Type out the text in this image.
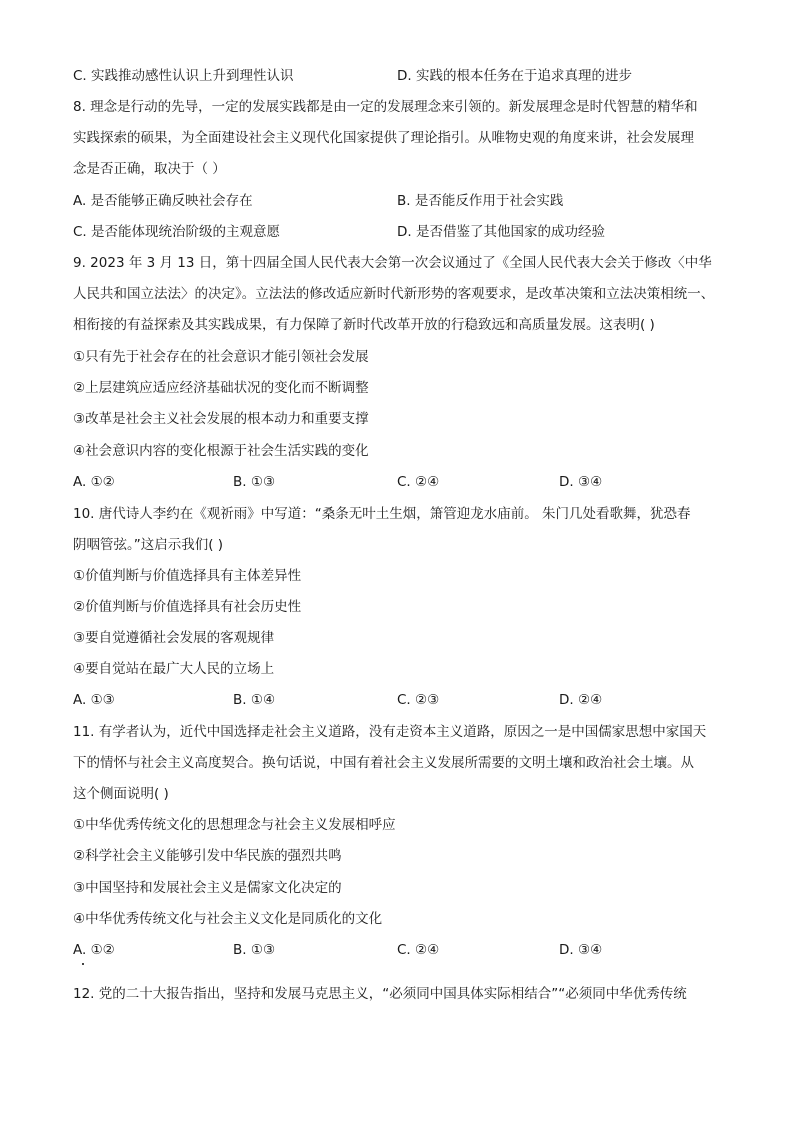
C. 实践推动感性认识上升到理性认识	D. 实践的根本任务在于追求真理的进步
8. 理念是行动的先导，一定的发展实践都是由一定的发展理念来引领的。新发展理念是时代智慧的精华和
实践探索的硕果，为全面建设社会主义现代化国家提供了理论指引。从唯物史观的角度来讲，社会发展理
念是否正确，取决于（ ）
A. 是否能够正确反映社会存在	B. 是否能反作用于社会实践
C. 是否能体现统治阶级的主观意愿	D. 是否借鉴了其他国家的成功经验
9. 2023 年 3 月 13 日，第十四届全国人民代表大会第一次会议通过了《全国人民代表大会关于修改〈中华
人民共和国立法法〉的决定》。立法法的修改适应新时代新形势的客观要求，是改革决策和立法决策相统一、
相衔接的有益探索及其实践成果，有力保障了新时代改革开放的行稳致远和高质量发展。这表明( )
①只有先于社会存在的社会意识才能引领社会发展
②上层建筑应适应经济基础状况的变化而不断调整
③改革是社会主义社会发展的根本动力和重要支撑
④社会意识内容的变化根源于社会生活实践的变化
A. ①②	B. ①③	C. ②④	D. ③④
10. 唐代诗人李约在《观祈雨》中写道：“桑条无叶土生烟，箫管迎龙水庙前。 朱门几处看歌舞，犹恐春
阴咽管弦。”这启示我们( )
①价值判断与价值选择具有主体差异性
②价值判断与价值选择具有社会历史性
③要自觉遵循社会发展的客观规律
④要自觉站在最广大人民的立场上
A. ①③	B. ①④	C. ②③	D. ②④
11. 有学者认为，近代中国选择走社会主义道路，没有走资本主义道路，原因之一是中国儒家思想中家国天
下的情怀与社会主义高度契合。换句话说，中国有着社会主义发展所需要的文明土壤和政治社会土壤。从
这个侧面说明( )
①中华优秀传统文化的思想理念与社会主义发展相呼应
②科学社会主义能够引发中华民族的强烈共鸣
③中国坚持和发展社会主义是儒家文化决定的
④中华优秀传统文化与社会主义文化是同质化的文化
A. ①②	B. ①③	C. ②④	D. ③④
12. 党的二十大报告指出，坚持和发展马克思主义，“必须同中国具体实际相结合”“必须同中华优秀传统
